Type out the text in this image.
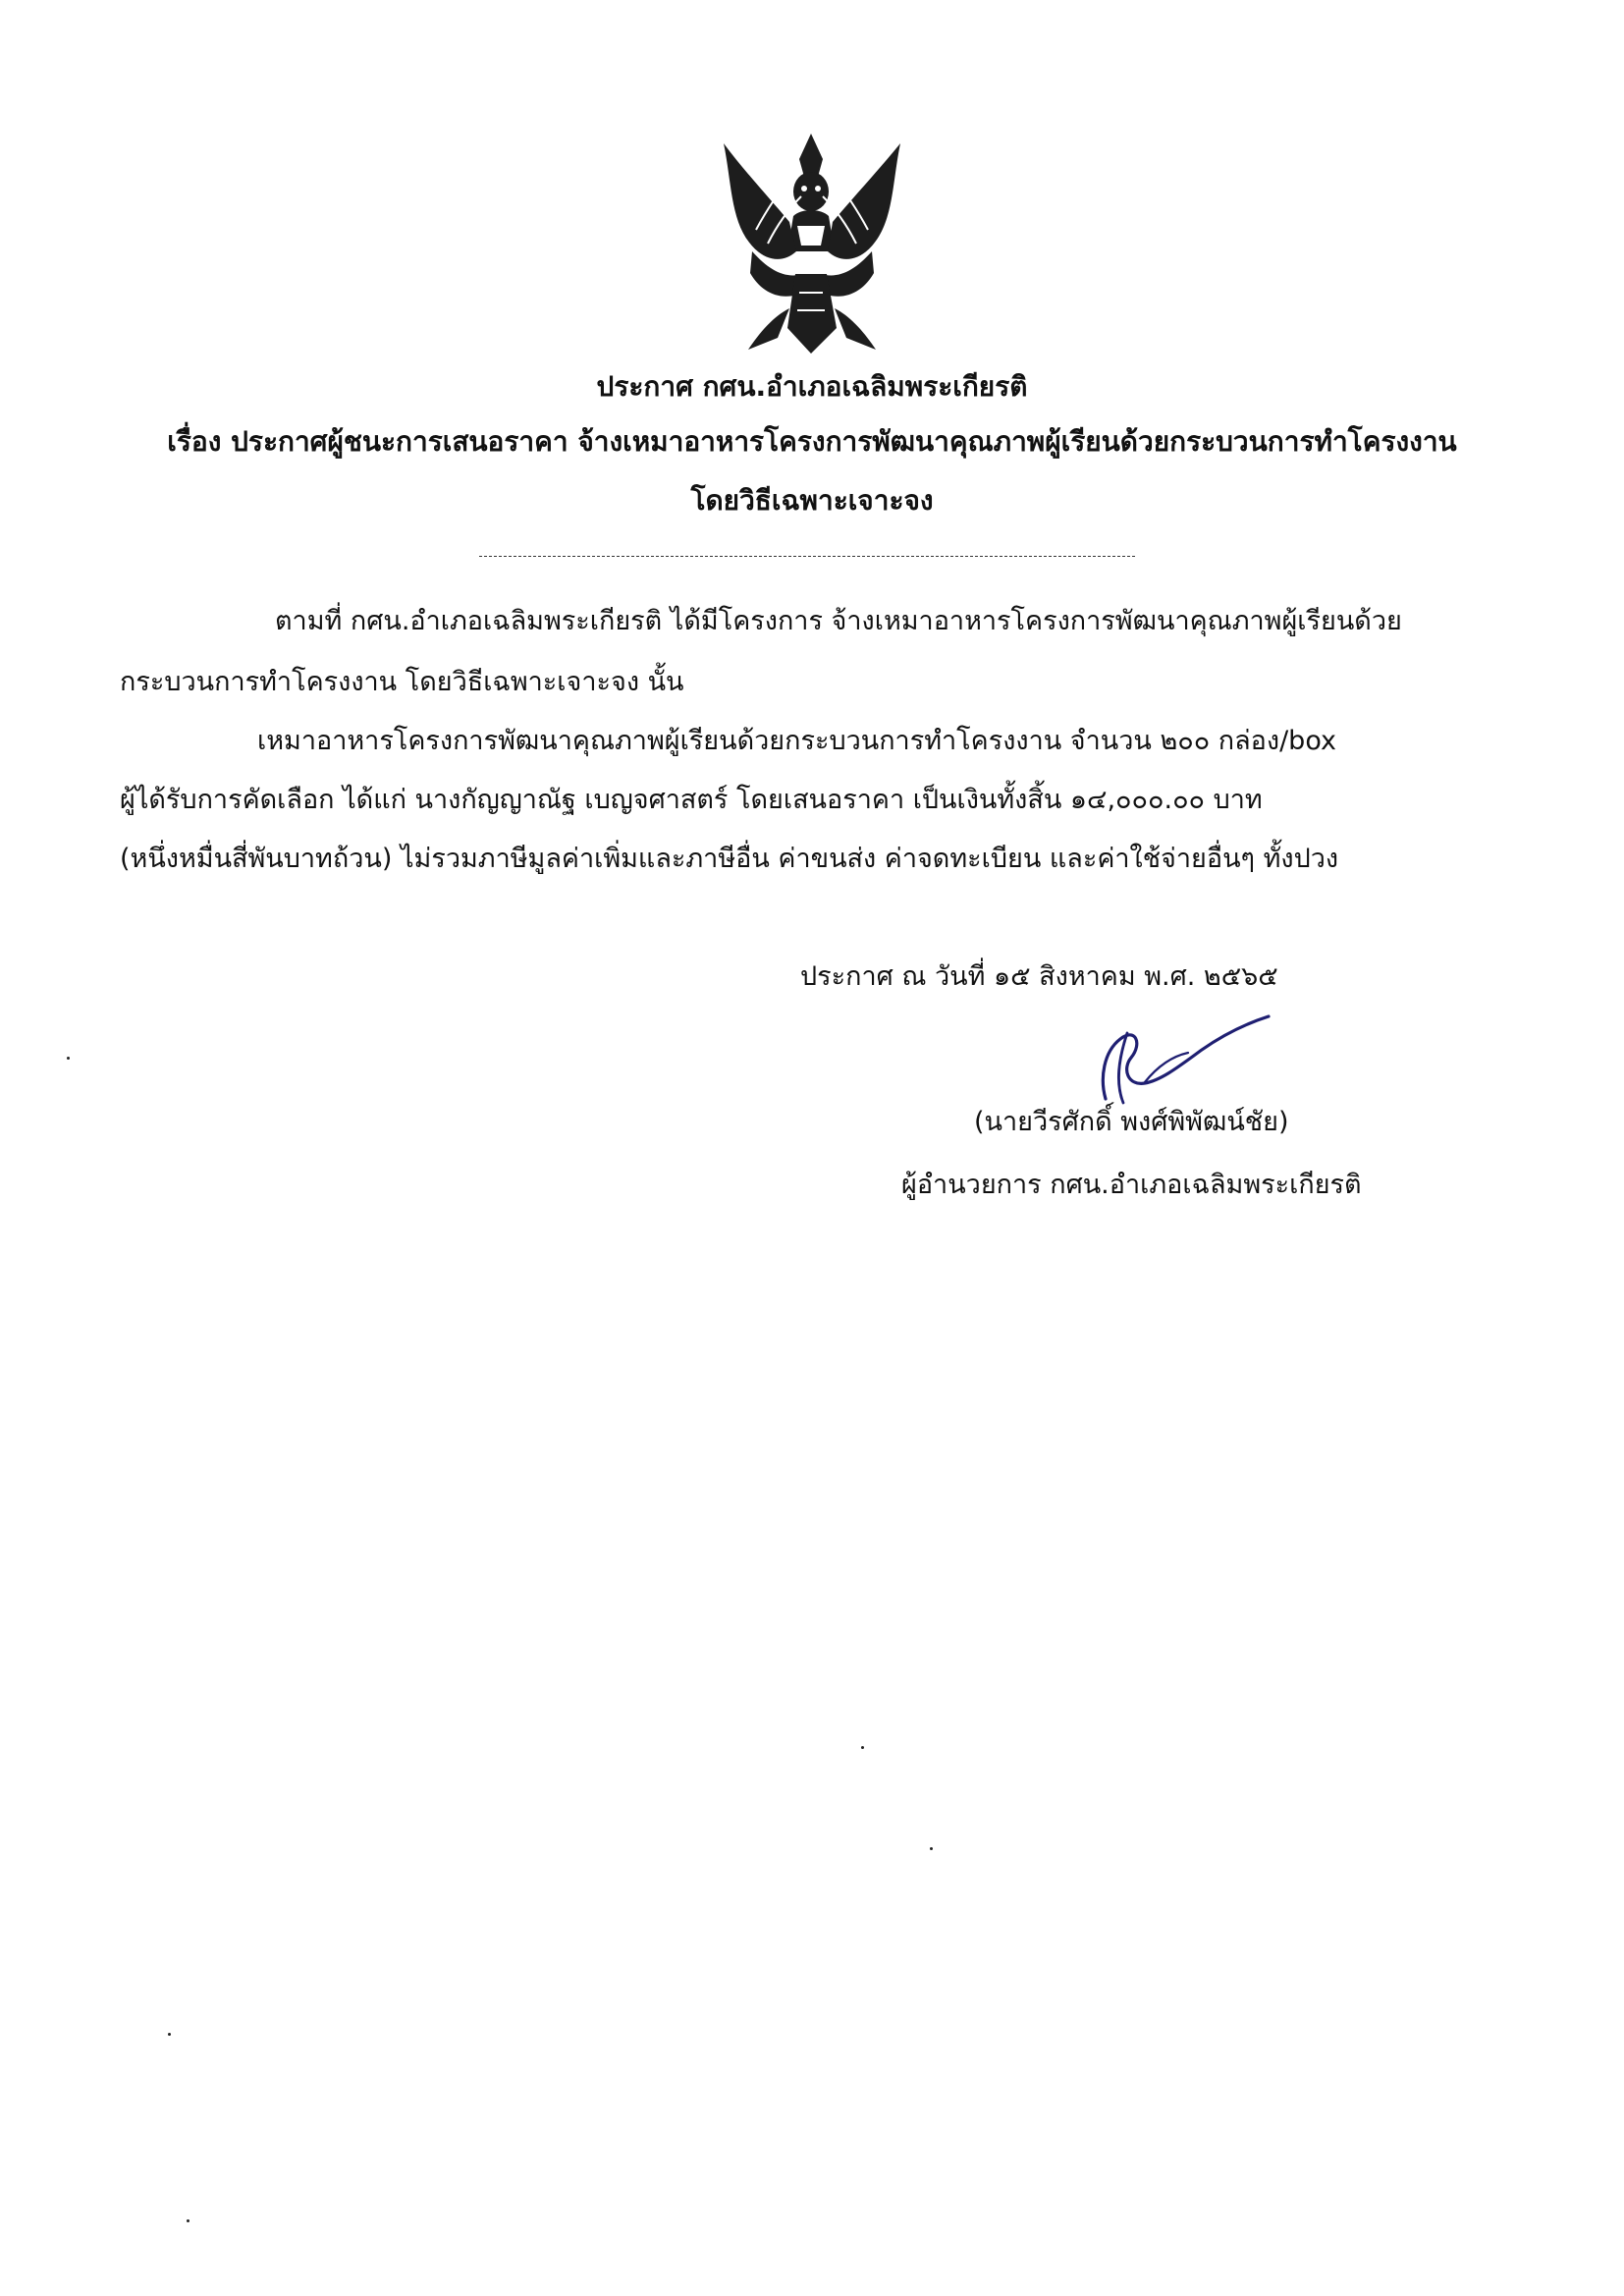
ประกาศ กศน.อำเภอเฉลิมพระเกียรติ
เรื่อง ประกาศผู้ชนะการเสนอราคา จ้างเหมาอาหารโครงการพัฒนาคุณภาพผู้เรียนด้วยกระบวนการทำโครงงาน
โดยวิธีเฉพาะเจาะจง
ตามที่ กศน.อำเภอเฉลิมพระเกียรติ ได้มีโครงการ จ้างเหมาอาหารโครงการพัฒนาคุณภาพผู้เรียนด้วย
กระบวนการทำโครงงาน โดยวิธีเฉพาะเจาะจง นั้น
เหมาอาหารโครงการพัฒนาคุณภาพผู้เรียนด้วยกระบวนการทำโครงงาน จำนวน ๒๐๐ กล่อง/box
ผู้ได้รับการคัดเลือก ได้แก่ นางกัญญาณัฐ เบญจศาสตร์ โดยเสนอราคา เป็นเงินทั้งสิ้น ๑๔,๐๐๐.๐๐ บาท
(หนึ่งหมื่นสี่พันบาทถ้วน) ไม่รวมภาษีมูลค่าเพิ่มและภาษีอื่น ค่าขนส่ง ค่าจดทะเบียน และค่าใช้จ่ายอื่นๆ ทั้งปวง
ประกาศ ณ วันที่ ๑๕ สิงหาคม พ.ศ. ๒๕๖๕
(นายวีรศักดิ์ พงศ์พิพัฒน์ชัย)
ผู้อำนวยการ กศน.อำเภอเฉลิมพระเกียรติ
